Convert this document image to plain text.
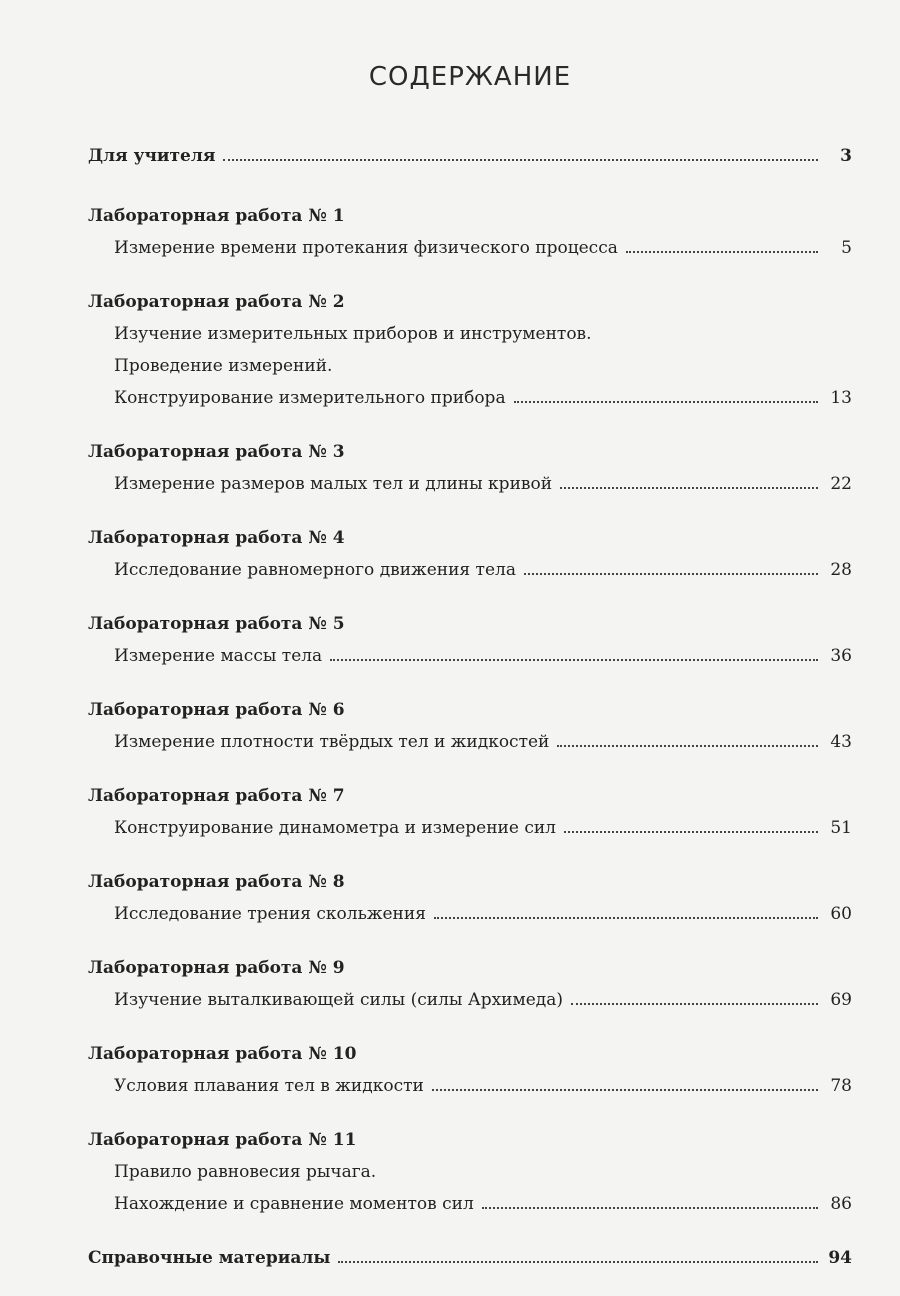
СОДЕРЖАНИЕ
Для учителя	3
Лабораторная работа № 1
Измерение времени протекания физического процесса	5
Лабораторная работа № 2
Изучение измерительных приборов и инструментов.
Проведение измерений.
Конструирование измерительного прибора	13
Лабораторная работа № 3
Измерение размеров малых тел и длины кривой	22
Лабораторная работа № 4
Исследование равномерного движения тела	28
Лабораторная работа № 5
Измерение массы тела	36
Лабораторная работа № 6
Измерение плотности твёрдых тел и жидкостей	43
Лабораторная работа № 7
Конструирование динамометра и измерение сил	51
Лабораторная работа № 8
Исследование трения скольжения	60
Лабораторная работа № 9
Изучение выталкивающей силы (силы Архимеда)	69
Лабораторная работа № 10
Условия плавания тел в жидкости	78
Лабораторная работа № 11
Правило равновесия рычага.
Нахождение и сравнение моментов сил	86
Справочные материалы	94
